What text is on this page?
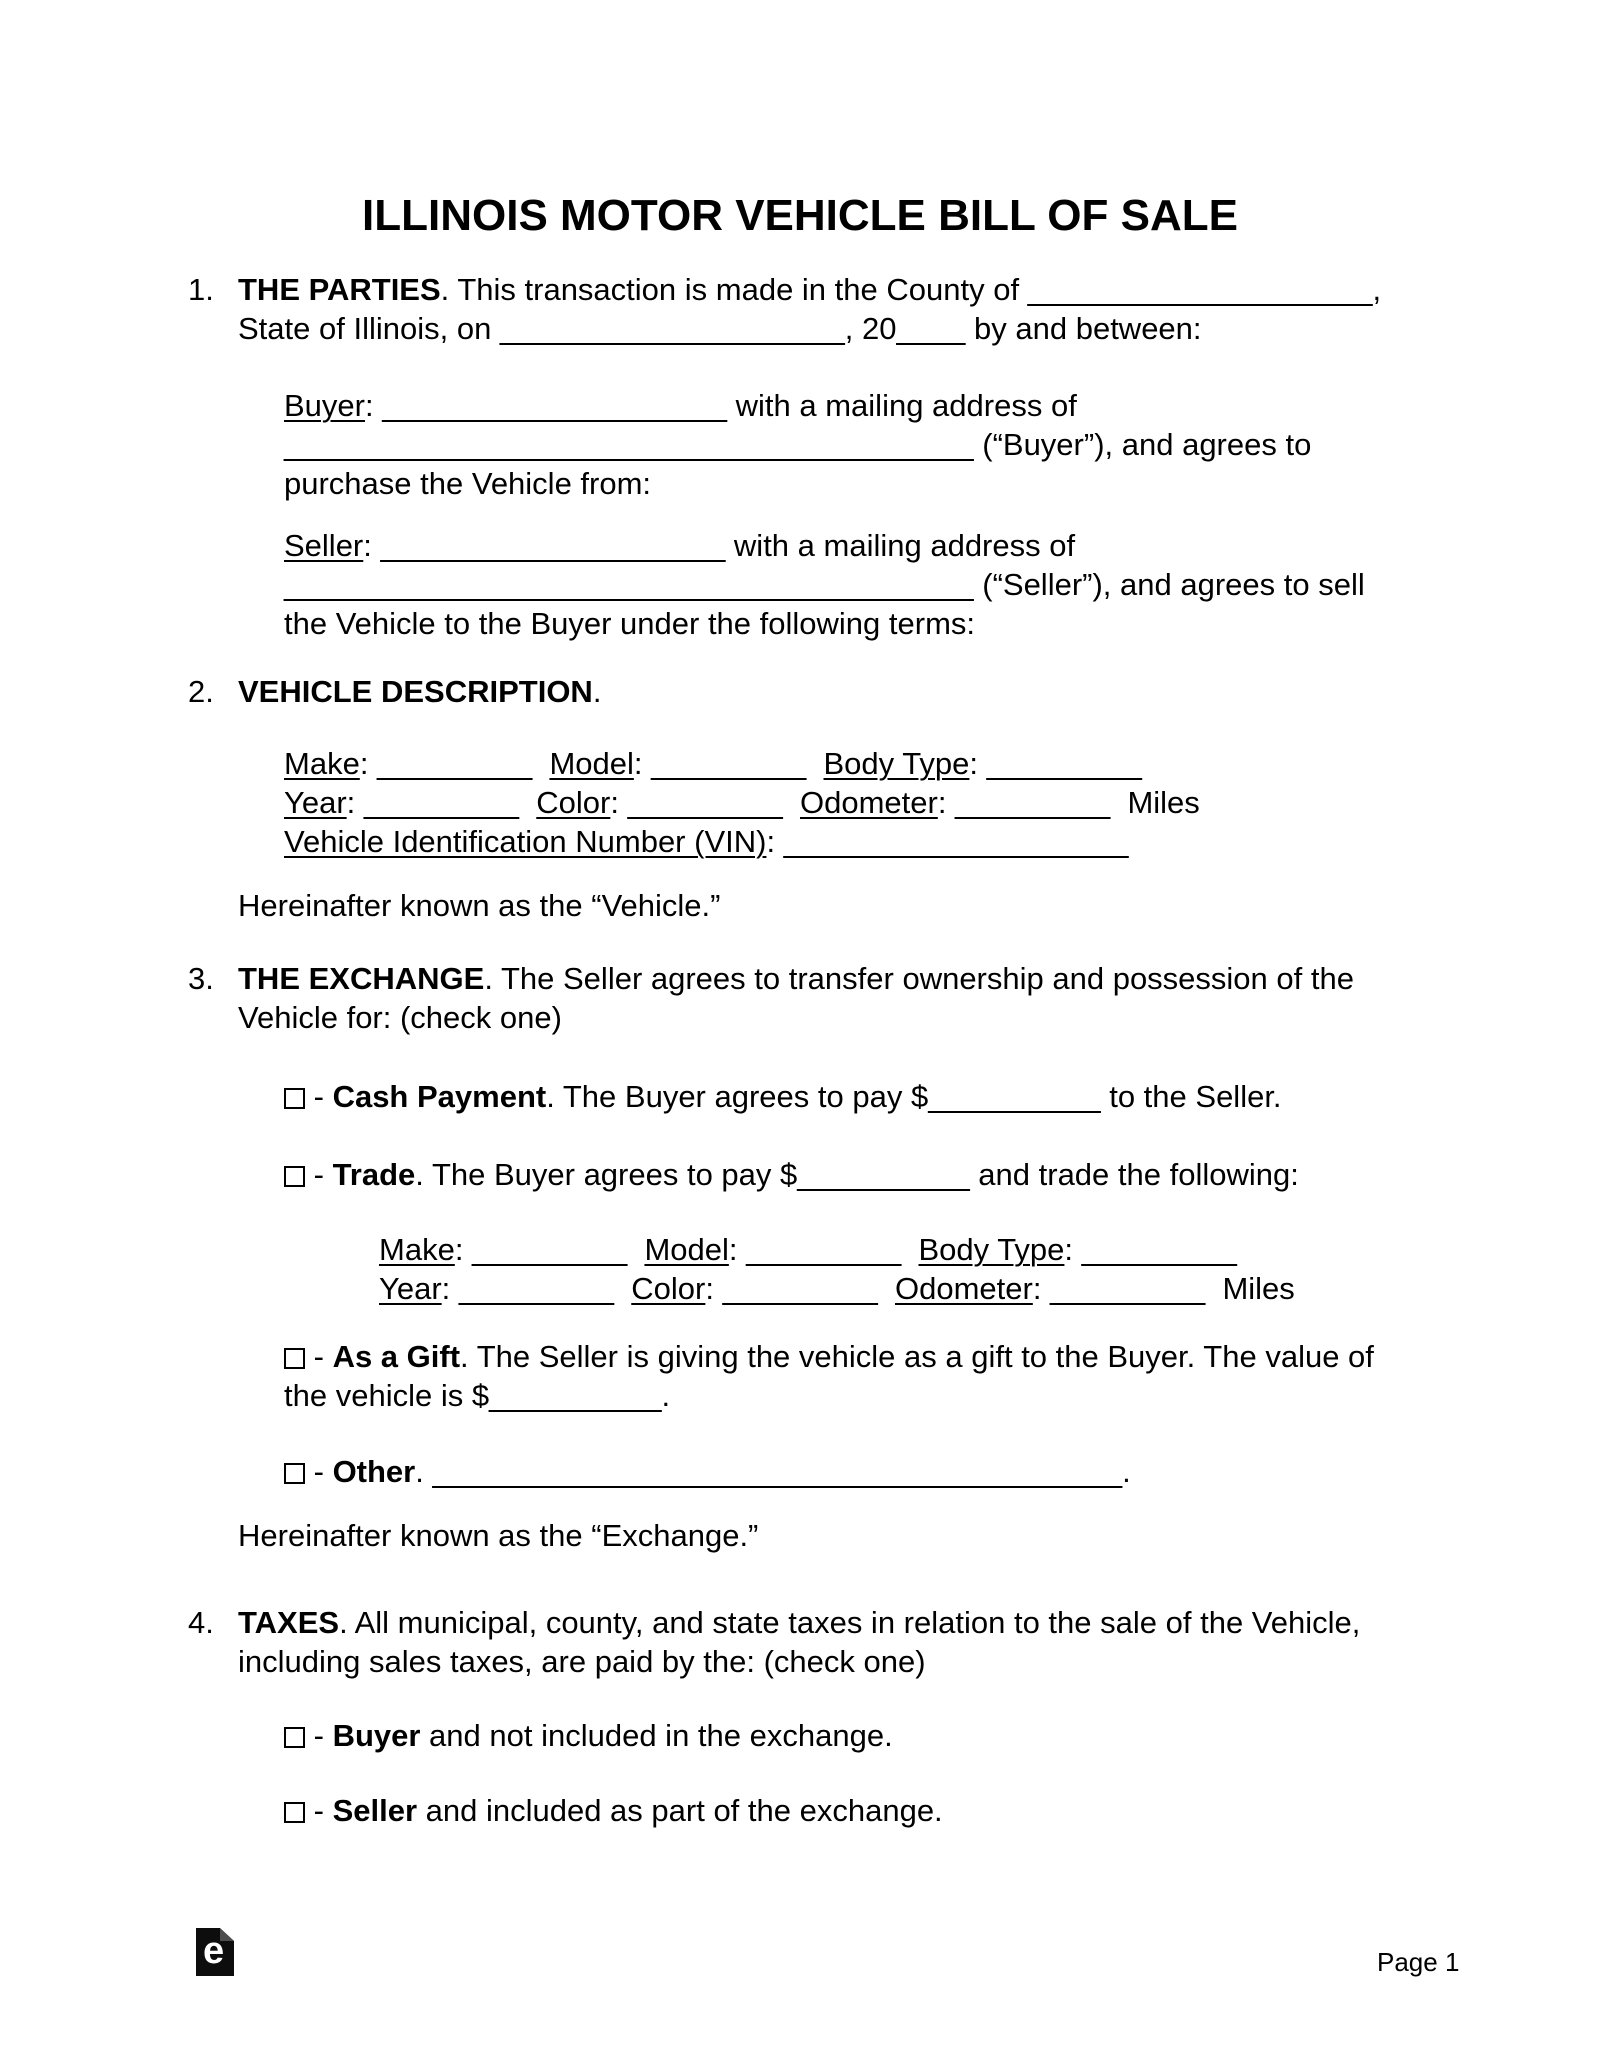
ILLINOIS MOTOR VEHICLE BILL OF SALE
1. THE PARTIES. This transaction is made in the County of ____________________,
State of Illinois, on ____________________, 20____ by and between:
Buyer: ____________________ with a mailing address of
________________________________________ (“Buyer”), and agrees to
purchase the Vehicle from:
Seller: ____________________ with a mailing address of
________________________________________ (“Seller”), and agrees to sell
the Vehicle to the Buyer under the following terms:
2. VEHICLE DESCRIPTION.
Make: _________  Model: _________  Body Type: _________
Year: _________  Color: _________  Odometer: _________  Miles
Vehicle Identification Number (VIN): ____________________
Hereinafter known as the “Vehicle.”
3. THE EXCHANGE. The Seller agrees to transfer ownership and possession of the
Vehicle for: (check one)
- Cash Payment. The Buyer agrees to pay $__________ to the Seller.
- Trade. The Buyer agrees to pay $__________ and trade the following:
Make: _________  Model: _________  Body Type: _________
Year: _________  Color: _________  Odometer: _________  Miles
- As a Gift. The Seller is giving the vehicle as a gift to the Buyer. The value of
the vehicle is $__________.
- Other. ________________________________________.
Hereinafter known as the “Exchange.”
4. TAXES. All municipal, county, and state taxes in relation to the sale of the Vehicle,
including sales taxes, are paid by the: (check one)
- Buyer and not included in the exchange.
- Seller and included as part of the exchange.
e	Page 1
